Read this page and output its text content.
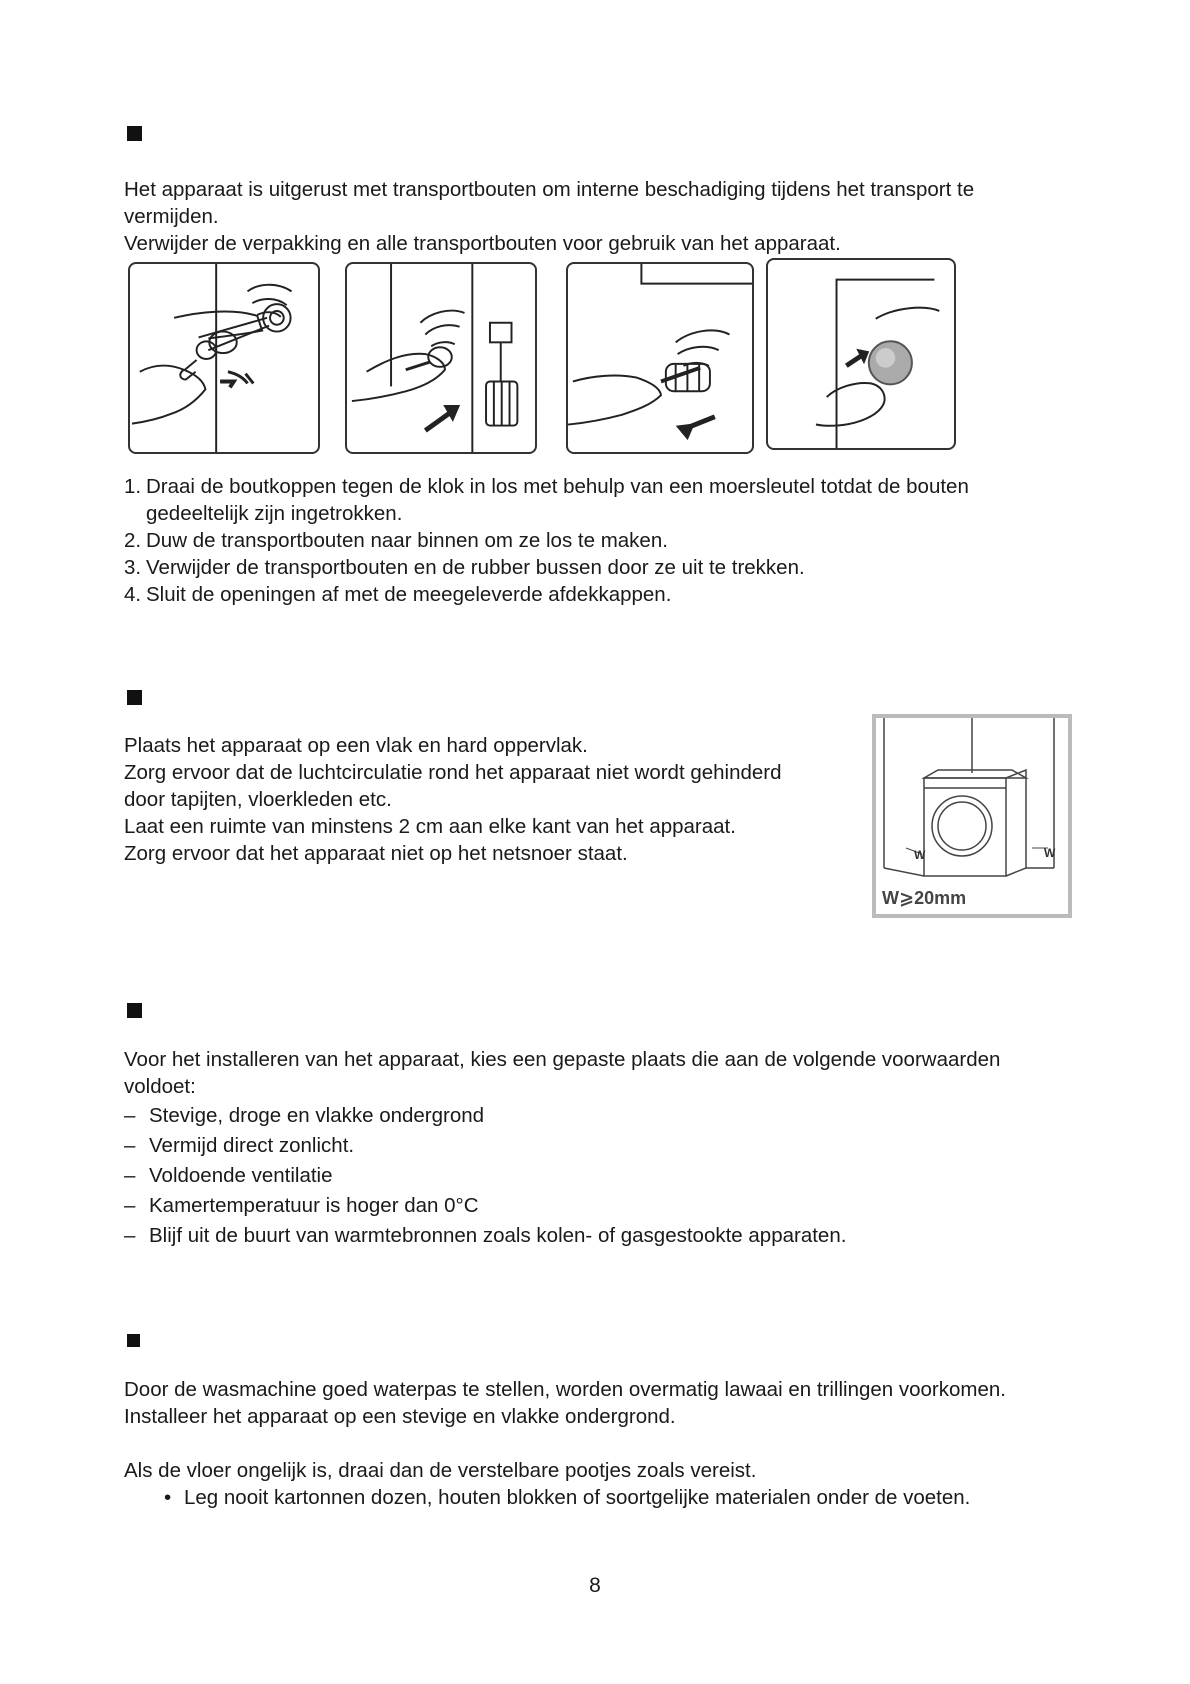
Het apparaat is uitgerust met transportbouten om interne beschadiging tijdens het transport te vermijden.

Verwijder de verpakking en alle transportbouten voor gebruik van het apparaat.

1. Draai de boutkoppen tegen de klok in los met behulp van een moersleutel totdat de bouten gedeeltelijk zijn ingetrokken.
2. Duw de transportbouten naar binnen om ze los te maken.
3. Verwijder de transportbouten en de rubber bussen door ze uit te trekken.
4. Sluit de openingen af met de meegeleverde afdekkappen.

Plaats het apparaat op een vlak en hard oppervlak.

Zorg ervoor dat de luchtcirculatie rond het apparaat niet wordt gehinderd door tapijten, vloerkleden etc.

Laat een ruimte van minstens 2 cm aan elke kant van het apparaat.

Zorg ervoor dat het apparaat niet op het netsnoer staat.	W	W
W⩾20mm

Voor het installeren van het apparaat, kies een gepaste plaats die aan de volgende voorwaarden voldoet:

– Stevige, droge en vlakke ondergrond
– Vermijd direct zonlicht.
– Voldoende ventilatie
– Kamertemperatuur is hoger dan 0°C
– Blijf uit de buurt van warmtebronnen zoals kolen- of gasgestookte apparaten.

Door de wasmachine goed waterpas te stellen, worden overmatig lawaai en trillingen voorkomen.

Installeer het apparaat op een stevige en vlakke ondergrond.

Als de vloer ongelijk is, draai dan de verstelbare pootjes zoals vereist.

• Leg nooit kartonnen dozen, houten blokken of soortgelijke materialen onder de voeten.
8
